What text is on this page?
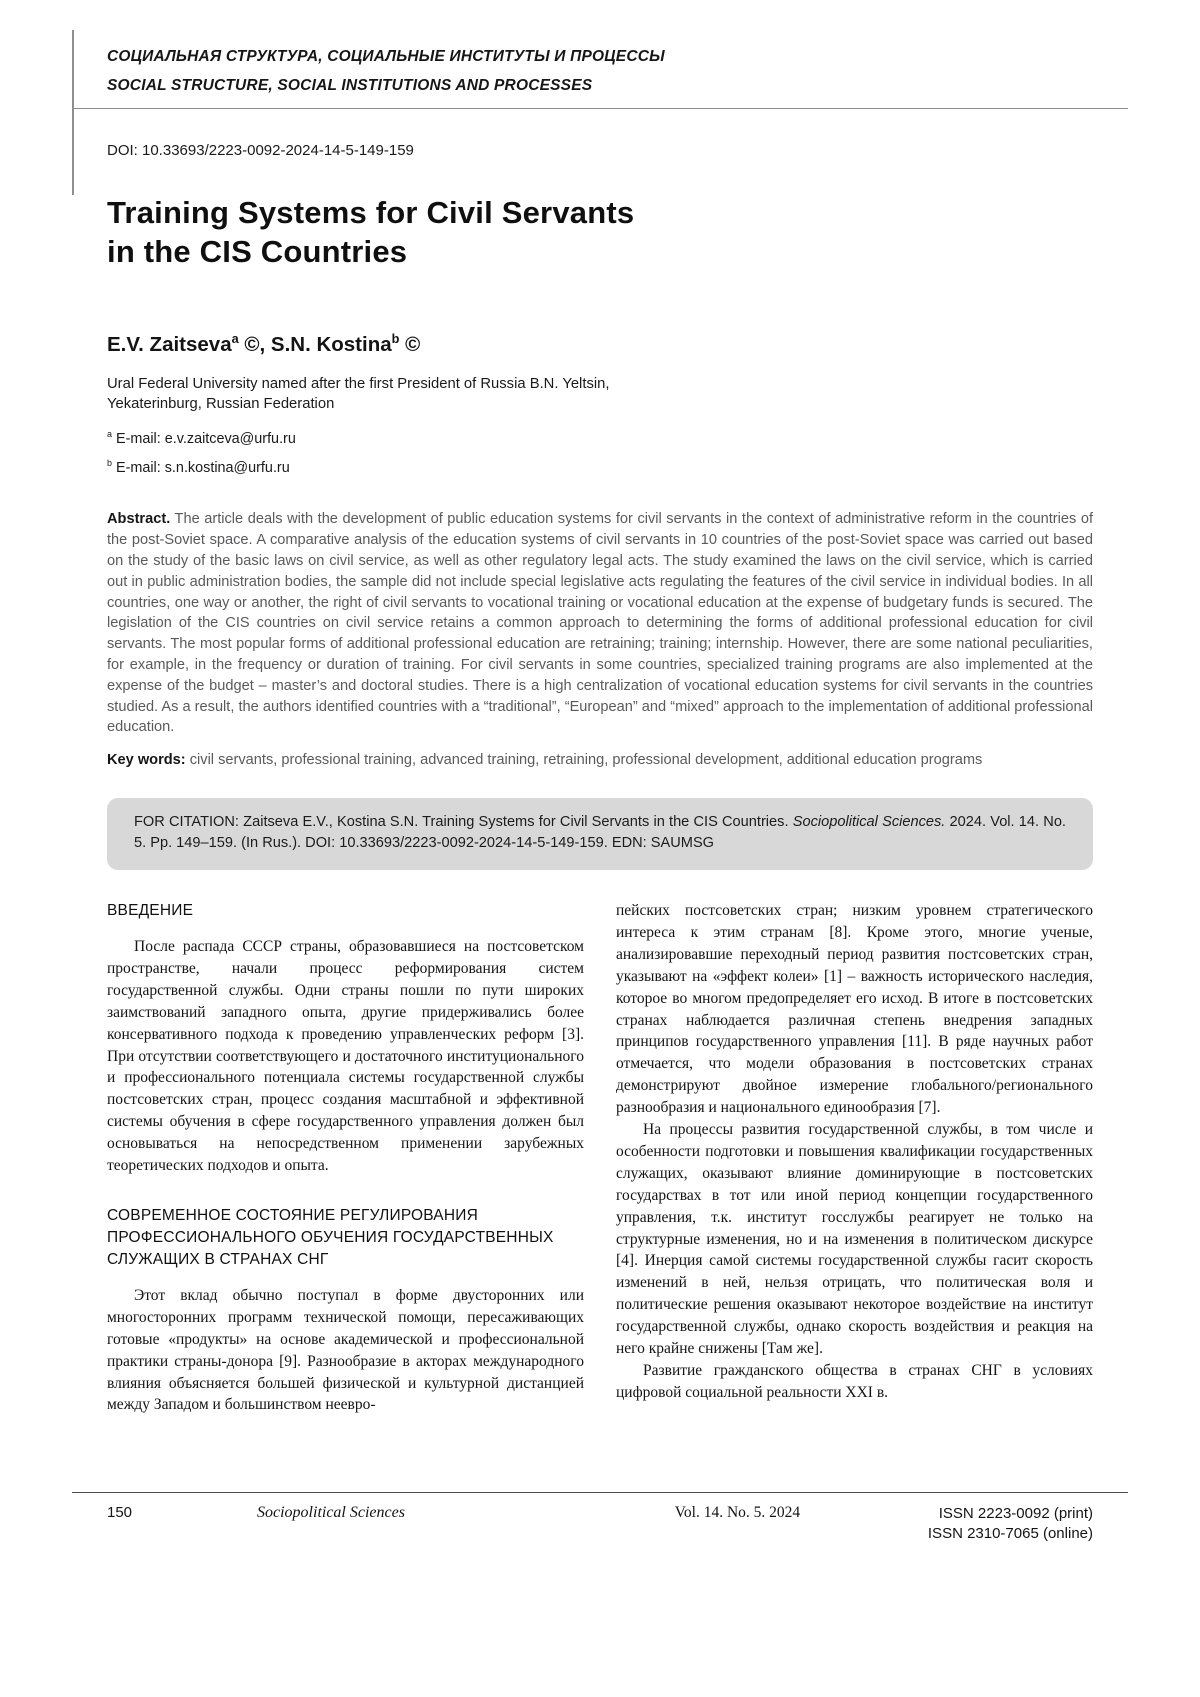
СОЦИАЛЬНАЯ СТРУКТУРА, СОЦИАЛЬНЫЕ ИНСТИТУТЫ И ПРОЦЕССЫ
SOCIAL STRUCTURE, SOCIAL INSTITUTIONS AND PROCESSES
DOI: 10.33693/2223-0092-2024-14-5-149-159
Training Systems for Civil Servants
in the CIS Countries
E.V. Zaitseva$^a$ ©, S.N. Kostina$^b$ ©
Ural Federal University named after the first President of Russia B.N. Yeltsin,
Yekaterinburg, Russian Federation

$^a$ E-mail: e.v.zaitceva@urfu.ru

$^b$ E-mail: s.n.kostina@urfu.ru

Abstract. The article deals with the development of public education systems for civil servants in the context of administrative reform in the countries of the post-Soviet space. A comparative analysis of the education systems of civil servants in 10 countries of the post-Soviet space was carried out based on the study of the basic laws on civil service, as well as other regulatory legal acts. The study examined the laws on the civil service, which is carried out in public administration bodies, the sample did not include special legislative acts regulating the features of the civil service in individual bodies. In all countries, one way or another, the right of civil servants to vocational training or vocational education at the expense of budgetary funds is secured. The legislation of the CIS countries on civil service retains a common approach to determining the forms of additional professional education for civil servants. The most popular forms of additional professional education are retraining; training; internship. However, there are some national peculiarities, for example, in the frequency or duration of training. For civil servants in some countries, specialized training programs are also implemented at the expense of the budget – master’s and doctoral studies. There is a high centralization of vocational education systems for civil servants in the countries studied. As a result, the authors identified countries with a “traditional”, “European” and “mixed” approach to the implementation of additional professional education.

Key words: civil servants, professional training, advanced training, retraining, professional development, additional education programs

FOR CITATION: Zaitseva E.V., Kostina S.N. Training Systems for Civil Servants in the CIS Countries. Sociopolitical Sciences. 2024. Vol. 14. No. 5. Pp. 149–159. (In Rus.). DOI: 10.33693/2223-0092-2024-14-5-149-159. EDN: SAUMSG

ВВЕДЕНИЕ

После распада СССР страны, образовавшиеся на постсоветском пространстве, начали процесс реформирования систем государственной службы. Одни страны пошли по пути широких заимствований западного опыта, другие придерживались более консервативного подхода к проведению управленческих реформ [3]. При отсутствии соответствующего и достаточного институционального и профессионального потенциала системы государственной службы постсоветских стран, процесс создания масштабной и эффективной системы обучения в сфере государственного управления должен был основываться на непосредственном применении зарубежных теоретических подходов и опыта.

СОВРЕМЕННОЕ СОСТОЯНИЕ РЕГУЛИРОВАНИЯ ПРОФЕССИОНАЛЬНОГО ОБУЧЕНИЯ ГОСУДАРСТВЕННЫХ СЛУЖАЩИХ В СТРАНАХ СНГ

Этот вклад обычно поступал в форме двусторонних или многосторонних программ технической помощи, пересаживающих готовые «продукты» на основе академической и профессиональной практики страны-донора [9]. Разнообразие в акторах международного влияния объясняется большей физической и культурной дистанцией между Западом и большинством неевро-

пейских постсоветских стран; низким уровнем стратегического интереса к этим странам [8]. Кроме этого, многие ученые, анализировавшие переходный период развития постсоветских стран, указывают на «эффект колеи» [1] – важность исторического наследия, которое во многом предопределяет его исход. В итоге в постсоветских странах наблюдается различная степень внедрения западных принципов государственного управления [11]. В ряде научных работ отмечается, что модели образования в постсоветских странах демонстрируют двойное измерение глобального/регионального разнообразия и национального единообразия [7].

На процессы развития государственной службы, в том числе и особенности подготовки и повышения квалификации государственных служащих, оказывают влияние доминирующие в постсоветских государствах в тот или иной период концепции государственного управления, т.к. институт госслужбы реагирует не только на структурные изменения, но и на изменения в политическом дискурсе [4]. Инерция самой системы государственной службы гасит скорость изменений в ней, нельзя отрицать, что политическая воля и политические решения оказывают некоторое воздействие на институт государственной службы, однако скорость воздействия и реакция на него крайне снижены [Там же].

Развитие гражданского общества в странах СНГ в условиях цифровой социальной реальности XXI в.

150	Sociopolitical Sciences	Vol. 14. No. 5. 2024	ISSN 2223-0092 (print)
ISSN 2310-7065 (online)
